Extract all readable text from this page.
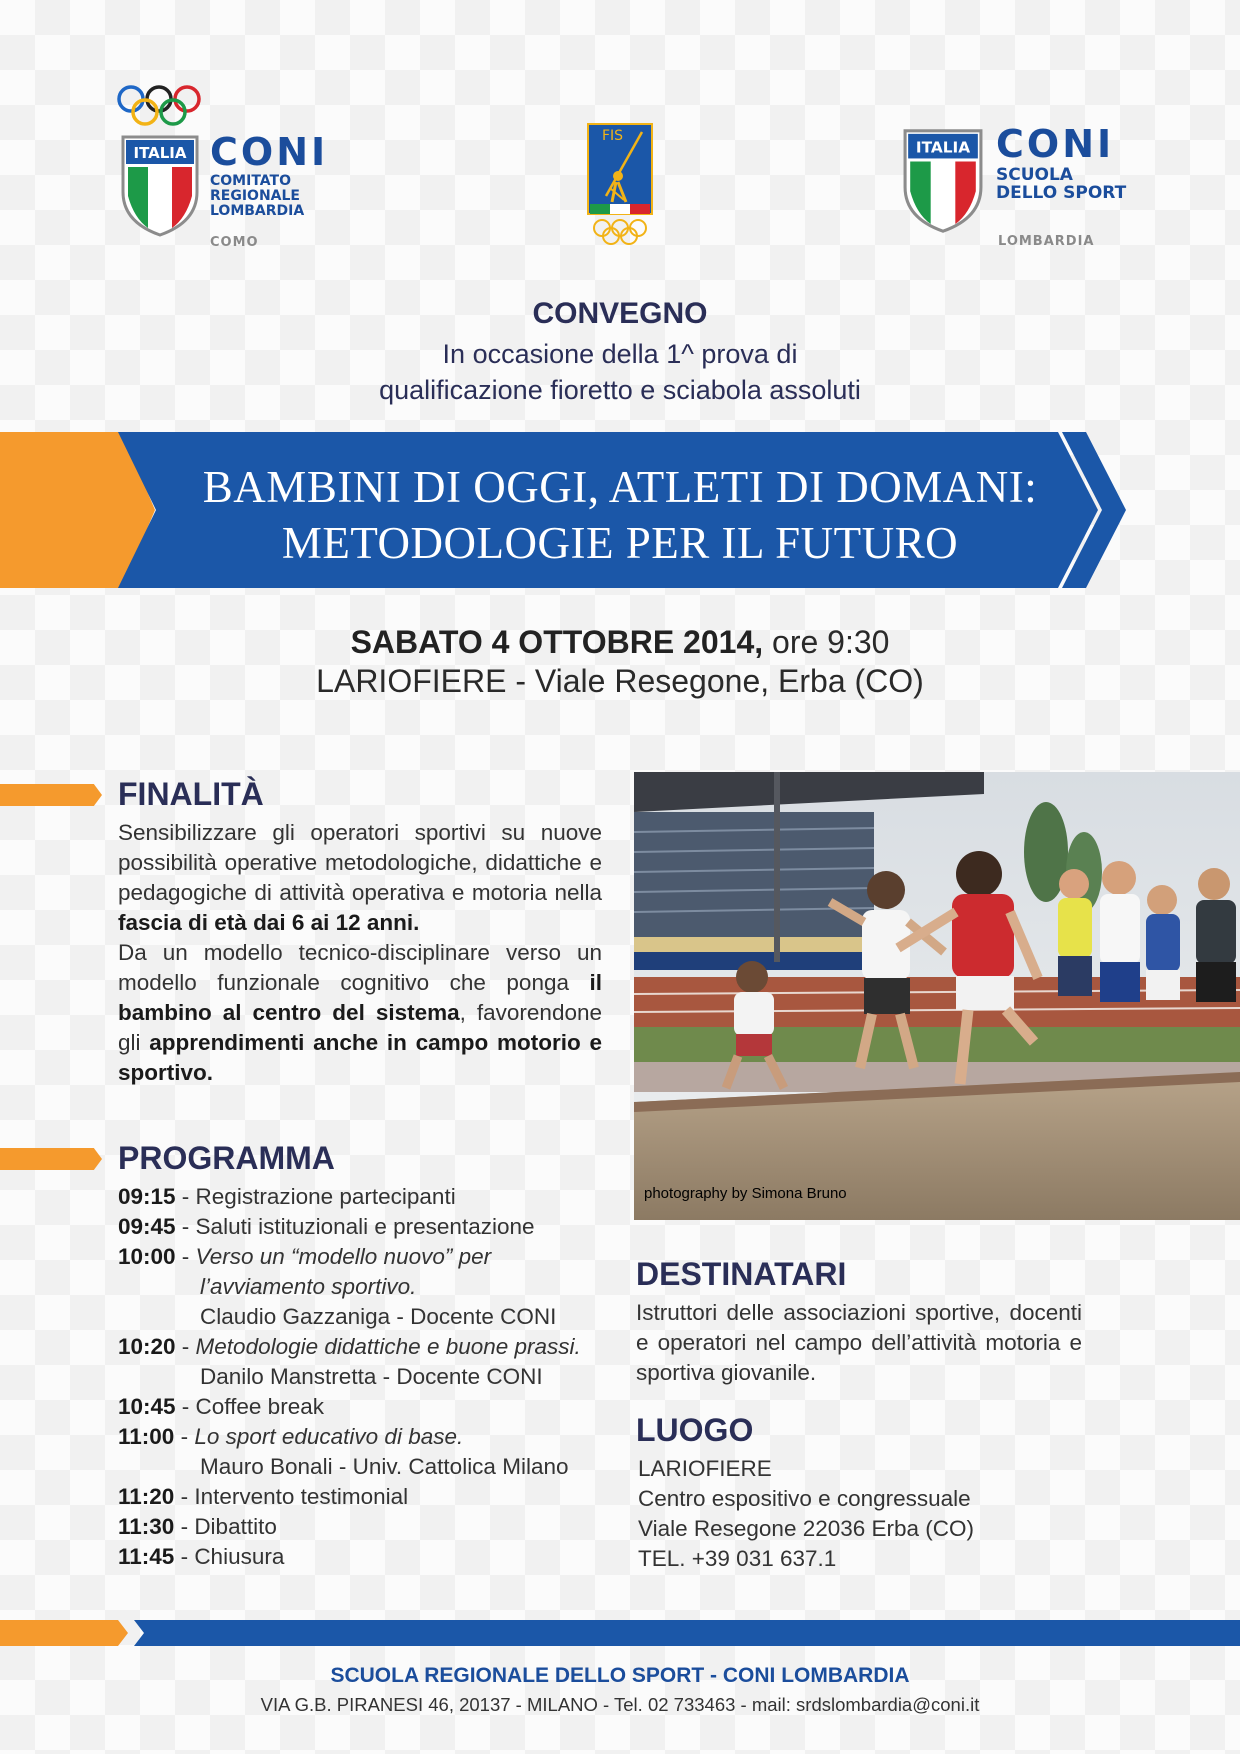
ITALIA CONI
COMITATO
REGIONALE
LOMBARDIA
COMO
FIS
ITALIA CONI
SCUOLA
DELLO SPORT
LOMBARDIA
CONVEGNO
In occasione della 1^ prova di
qualificazione fioretto e sciabola assoluti
BAMBINI DI OGGI, ATLETI DI DOMANI:
METODOLOGIE PER IL FUTURO
SABATO 4 OTTOBRE 2014, ore 9:30
LARIOFIERE - Viale Resegone, Erba (CO)
FINALITÀ
Sensibilizzare gli operatori sportivi su nuove possibilità operative metodologiche, didattiche e pedagogiche di attività operativa e motoria nella fascia di età dai 6 ai 12 anni.
Da un modello tecnico-disciplinare verso un modello funzionale cognitivo che ponga il bambino al centro del sistema, favorendone gli apprendimenti anche in campo motorio e sportivo.
PROGRAMMA
09:15 - Registrazione partecipanti
09:45 - Saluti istituzionali e presentazione
10:00 - Verso un “modello nuovo” per
l’avviamento sportivo.
Claudio Gazzaniga - Docente CONI
10:20 - Metodologie didattiche e buone prassi.
Danilo Manstretta - Docente CONI
10:45 - Coffee break
11:00 - Lo sport educativo di base.
Mauro Bonali - Univ. Cattolica Milano
11:20 - Intervento testimonial
11:30 - Dibattito
11:45 - Chiusura
photography by Simona Bruno
DESTINATARI
Istruttori delle associazioni sportive, docenti e operatori nel campo dell’attività motoria e sportiva giovanile.
LUOGO
LARIOFIERE
Centro espositivo e congressuale
Viale Resegone 22036 Erba (CO)
TEL. +39 031 637.1
SCUOLA REGIONALE DELLO SPORT - CONI LOMBARDIA
VIA G.B. PIRANESI 46, 20137 - MILANO - Tel. 02 733463 - mail: srdslombardia@coni.it
